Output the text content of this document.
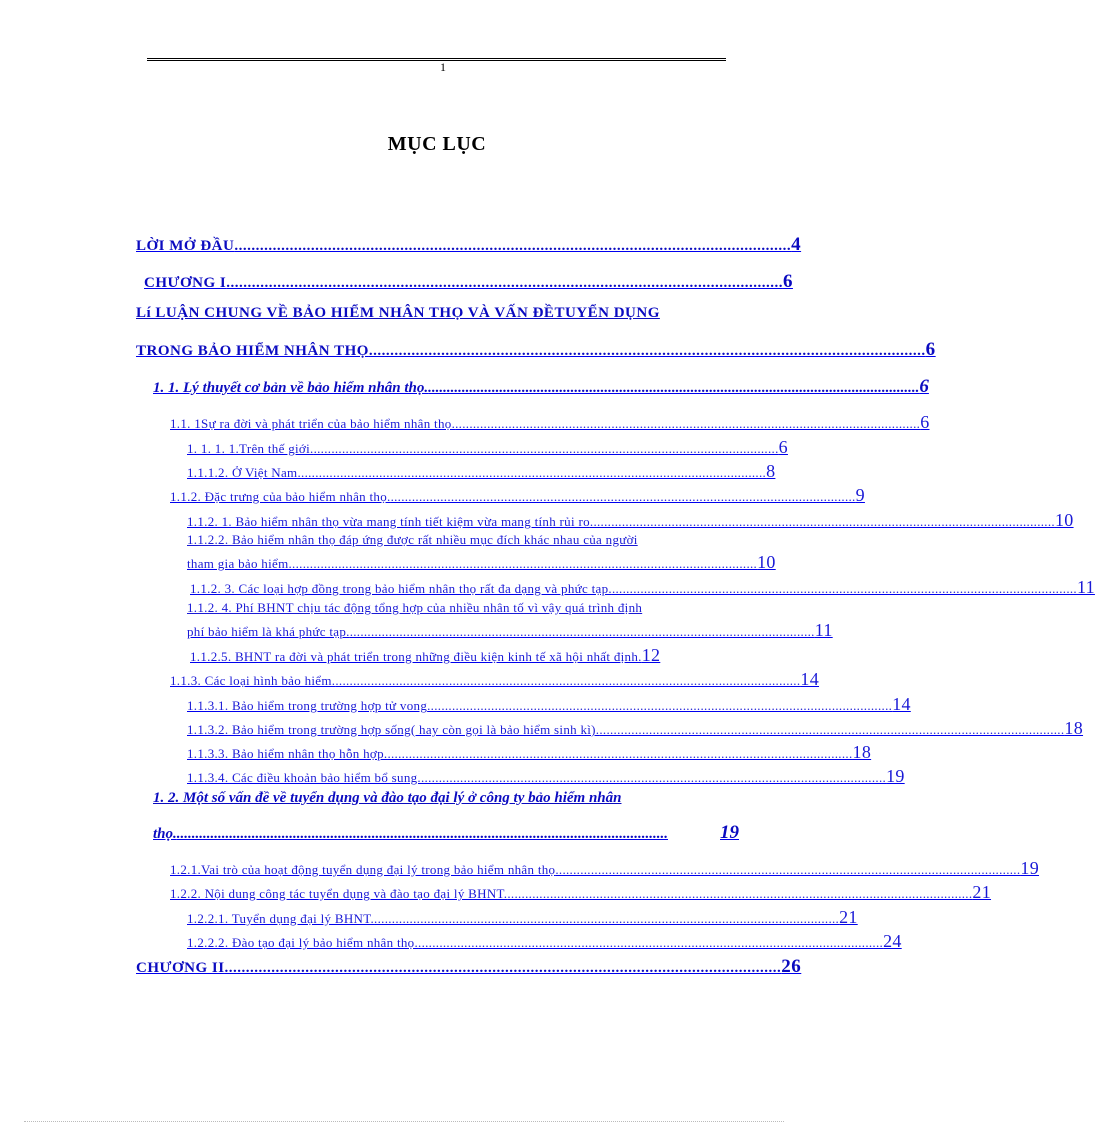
1
MỤC LỤC
LỜI MỞ ĐẦU ................................................................................................................................... 4
CHƯƠNG I ................................................................................................................................... 6
Lí LUẬN CHUNG VỀ BẢO HIỂM NHÂN THỌ VÀ VẤN ĐỀTUYỂN DỤNG
TRONG BẢO HIỂM NHÂN THỌ ................................................................................................................................... 6
1. 1. Lý thuyết cơ bản về bảo hiểm nhân thọ. ................................................................................................................................... 6
1.1. 1Sự ra đời và phát triển của bảo hiểm nhân thọ. ................................................................................................................................... 6
1. 1. 1. 1.Trên thế giới. ................................................................................................................................... 6
1.1.1.2. Ở Việt Nam. ................................................................................................................................... 8
1.1.2. Đặc trưng của bảo hiểm nhân thọ. ................................................................................................................................... 9
1.1.2. 1. Bảo hiểm nhân thọ vừa mang tính tiết kiệm vừa mang tính rủi ro ................................................................................................................................... 10
1.1.2.2. Bảo hiểm nhân thọ đáp ứng được rất nhiều mục đích khác nhau của người
tham gia bảo hiểm. ................................................................................................................................... 10
1.1.2. 3. Các loại hợp đồng trong bảo hiểm nhân thọ rất đa dạng và phức tạp. ................................................................................................................................... 11
1.1.2. 4. Phí BHNT chịu tác động tổng hợp của nhiều nhân tố vì vậy quá trình định
phí bảo hiểm là khá phức tạp. ................................................................................................................................... 11
1.1.2.5. BHNT ra đời và phát triển trong những điều kiện kinh tế xã hội nhất định. 12
1.1.3. Các loại hình bảo hiểm. ................................................................................................................................... 14
1.1.3.1. Bảo hiểm trong trường hợp tử vong ................................................................................................................................... 14
1.1.3.2. Bảo hiểm trong trường hợp sống( hay còn gọi là bảo hiểm sinh kì). ................................................................................................................................... 18
1.1.3.3. Bảo hiểm nhân thọ hỗn hợp. ................................................................................................................................... 18
1.1.3.4. Các điều khoản bảo hiểm bổ sung. ................................................................................................................................... 19
1. 2. Một số vấn đề về tuyển dụng và đào tạo đại lý ở công ty bảo hiểm nhân
thọ. ...................................................................................................................................	19
1.2.1.Vai trò của hoạt động tuyển dụng đại lý trong bảo hiểm nhân thọ ................................................................................................................................... 19
1.2.2. Nội dung công tác tuyển dụng và đào tạo đại lý BHNT. ................................................................................................................................... 21
1.2.2.1. Tuyển dụng đại lý BHNT. ................................................................................................................................... 21
1.2.2.2. Đào tạo đại lý bảo hiểm nhân thọ. ................................................................................................................................... 24
CHƯƠNG II ................................................................................................................................... 26
